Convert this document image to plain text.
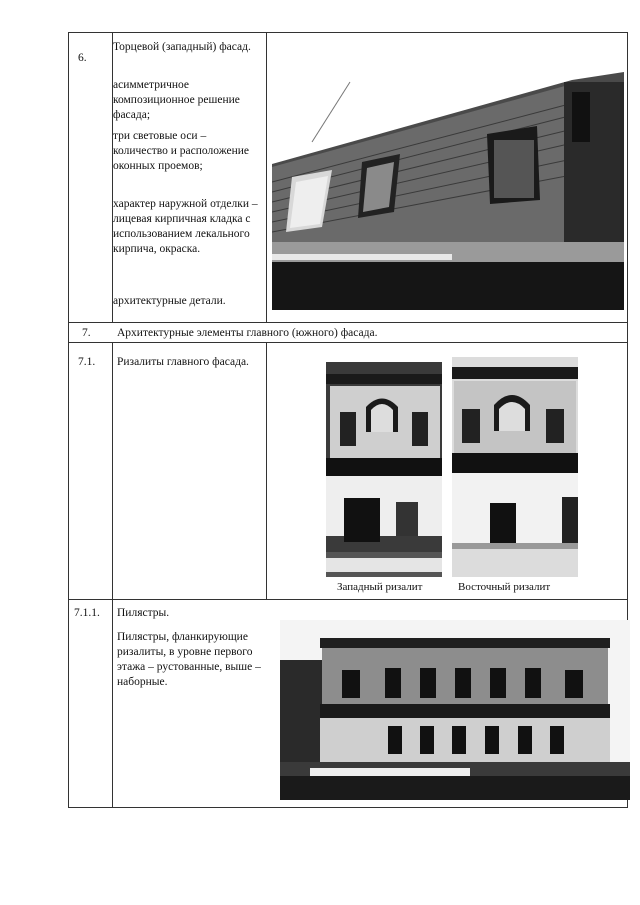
6.
Торцевой (западный) фасад.
асимметричное композиционное решение фасада;
три световые оси – количество и расположение оконных проемов;
характер наружной отделки – лицевая кирпичная кладка с использованием лекального кирпича, окраска.
архитектурные детали.
7. Архитектурные элементы главного (южного) фасада.
7.1. Ризалиты главного фасада.
Западный ризалит	Восточный ризалит
7.1.1. Пилястры.
Пилястры, фланкирующие ризалиты, в уровне первого этажа – рустованные, выше – наборные.
